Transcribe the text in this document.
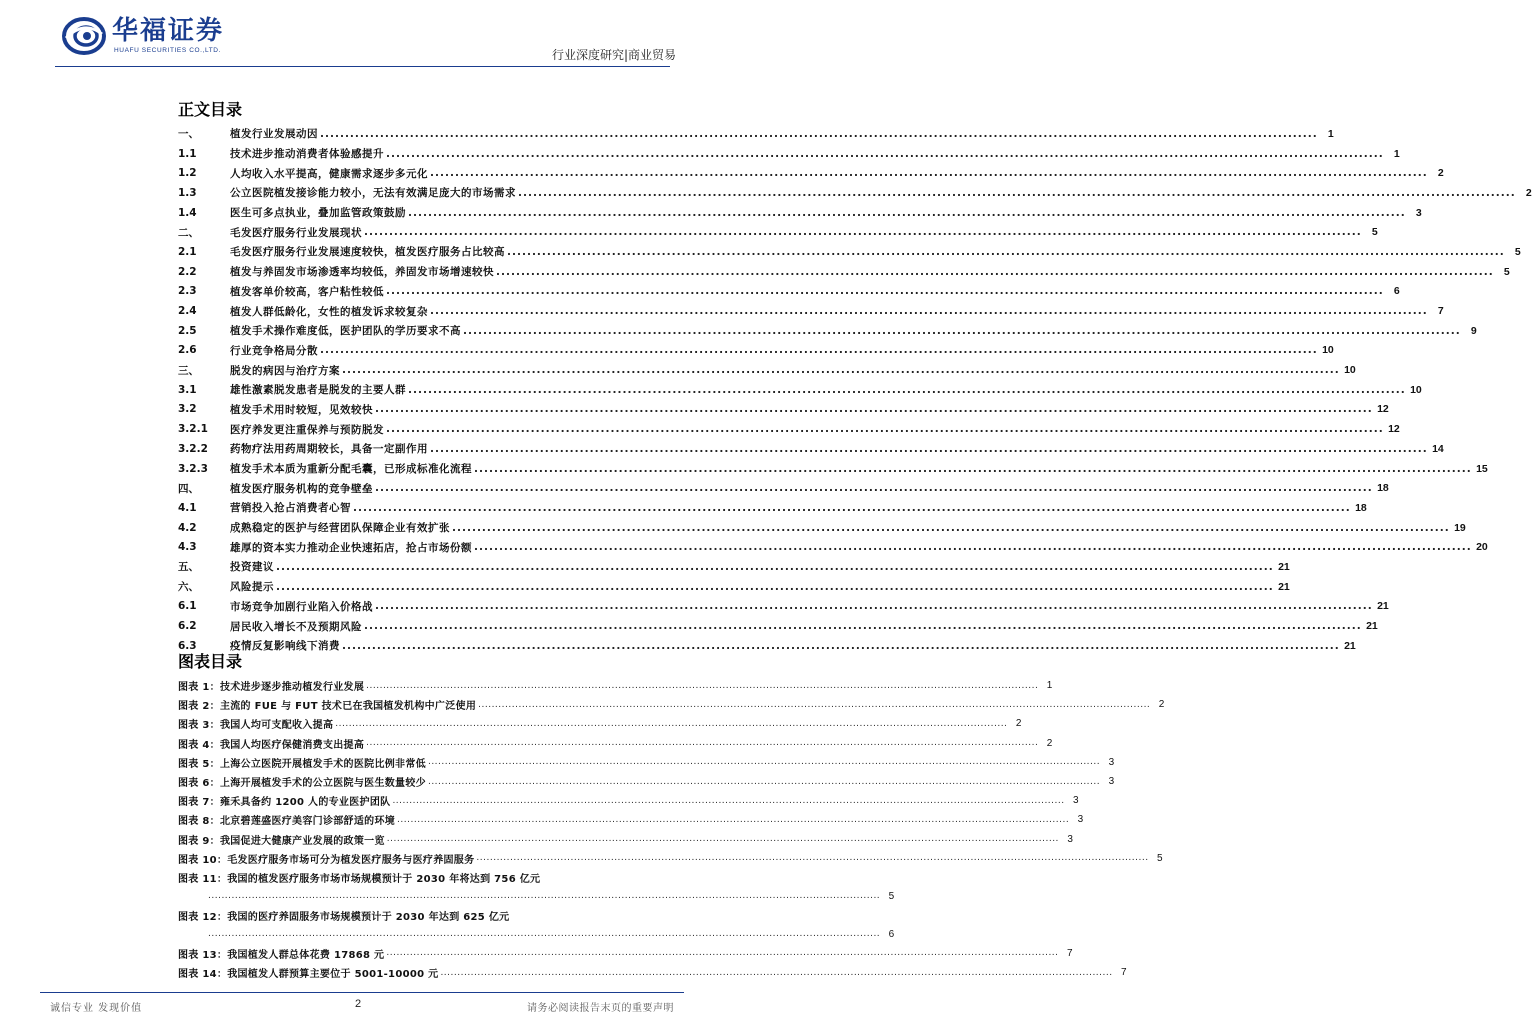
华福证券
HUAFU SECURITIES CO.,LTD.	行业深度研究|商业贸易
正文目录
一、	植发行业发展动因 ........................................................................................................................................................................................................ 1
1.1	技术进步推动消费者体验感提升 ........................................................................................................................................................................................................ 1
1.2	人均收入水平提高，健康需求逐步多元化 ........................................................................................................................................................................................................ 2
1.3	公立医院植发接诊能力较小，无法有效满足庞大的市场需求 ........................................................................................................................................................................................................ 2
1.4	医生可多点执业，叠加监管政策鼓励 ........................................................................................................................................................................................................ 3
二、	毛发医疗服务行业发展现状 ........................................................................................................................................................................................................ 5
2.1	毛发医疗服务行业发展速度较快，植发医疗服务占比较高 ........................................................................................................................................................................................................ 5
2.2	植发与养固发市场渗透率均较低，养固发市场增速较快 ........................................................................................................................................................................................................ 5
2.3	植发客单价较高，客户粘性较低 ........................................................................................................................................................................................................ 6
2.4	植发人群低龄化，女性的植发诉求较复杂 ........................................................................................................................................................................................................ 7
2.5	植发手术操作难度低，医护团队的学历要求不高 ........................................................................................................................................................................................................ 9
2.6	行业竞争格局分散 ........................................................................................................................................................................................................ 10
三、	脱发的病因与治疗方案 ........................................................................................................................................................................................................ 10
3.1	雄性激素脱发患者是脱发的主要人群 ........................................................................................................................................................................................................ 10
3.2	植发手术用时较短，见效较快 ........................................................................................................................................................................................................ 12
3.2.1	医疗养发更注重保养与预防脱发 ........................................................................................................................................................................................................ 12
3.2.2	药物疗法用药周期较长，具备一定副作用 ........................................................................................................................................................................................................ 14
3.2.3	植发手术本质为重新分配毛囊，已形成标准化流程 ........................................................................................................................................................................................................ 15
四、	植发医疗服务机构的竞争壁垒 ........................................................................................................................................................................................................ 18
4.1	营销投入抢占消费者心智 ........................................................................................................................................................................................................ 18
4.2	成熟稳定的医护与经营团队保障企业有效扩张 ........................................................................................................................................................................................................ 19
4.3	雄厚的资本实力推动企业快速拓店，抢占市场份额 ........................................................................................................................................................................................................ 20
五、	投资建议 ........................................................................................................................................................................................................ 21
六、	风险提示 ........................................................................................................................................................................................................ 21
6.1	市场竞争加剧行业陷入价格战 ........................................................................................................................................................................................................ 21
6.2	居民收入增长不及预期风险 ........................................................................................................................................................................................................ 21
6.3	疫情反复影响线下消费 ........................................................................................................................................................................................................ 21
图表目录
图表 1：技术进步逐步推动植发行业发展 ........................................................................................................................................................................................................ 1
图表 2：主流的 FUE 与 FUT 技术已在我国植发机构中广泛使用 ........................................................................................................................................................................................................ 2
图表 3：我国人均可支配收入提高 ........................................................................................................................................................................................................ 2
图表 4：我国人均医疗保健消费支出提高 ........................................................................................................................................................................................................ 2
图表 5：上海公立医院开展植发手术的医院比例非常低 ........................................................................................................................................................................................................ 3
图表 6：上海开展植发手术的公立医院与医生数量较少 ........................................................................................................................................................................................................ 3
图表 7：雍禾具备约 1200 人的专业医护团队 ........................................................................................................................................................................................................ 3
图表 8：北京碧莲盛医疗美容门诊部舒适的环境 ........................................................................................................................................................................................................ 3
图表 9：我国促进大健康产业发展的政策一览 ........................................................................................................................................................................................................ 3
图表 10：毛发医疗服务市场可分为植发医疗服务与医疗养固服务 ........................................................................................................................................................................................................ 5
图表 11：我国的植发医疗服务市场市场规模预计于 2030 年将达到 756 亿元
........................................................................................................................................................................................................ 5
图表 12：我国的医疗养固服务市场规模预计于 2030 年达到 625 亿元
........................................................................................................................................................................................................ 6
图表 13：我国植发人群总体花费 17868 元 ........................................................................................................................................................................................................ 7
图表 14：我国植发人群预算主要位于 5001-10000 元 ........................................................................................................................................................................................................ 7
诚信专业 发现价值	2	请务必阅读报告末页的重要声明
